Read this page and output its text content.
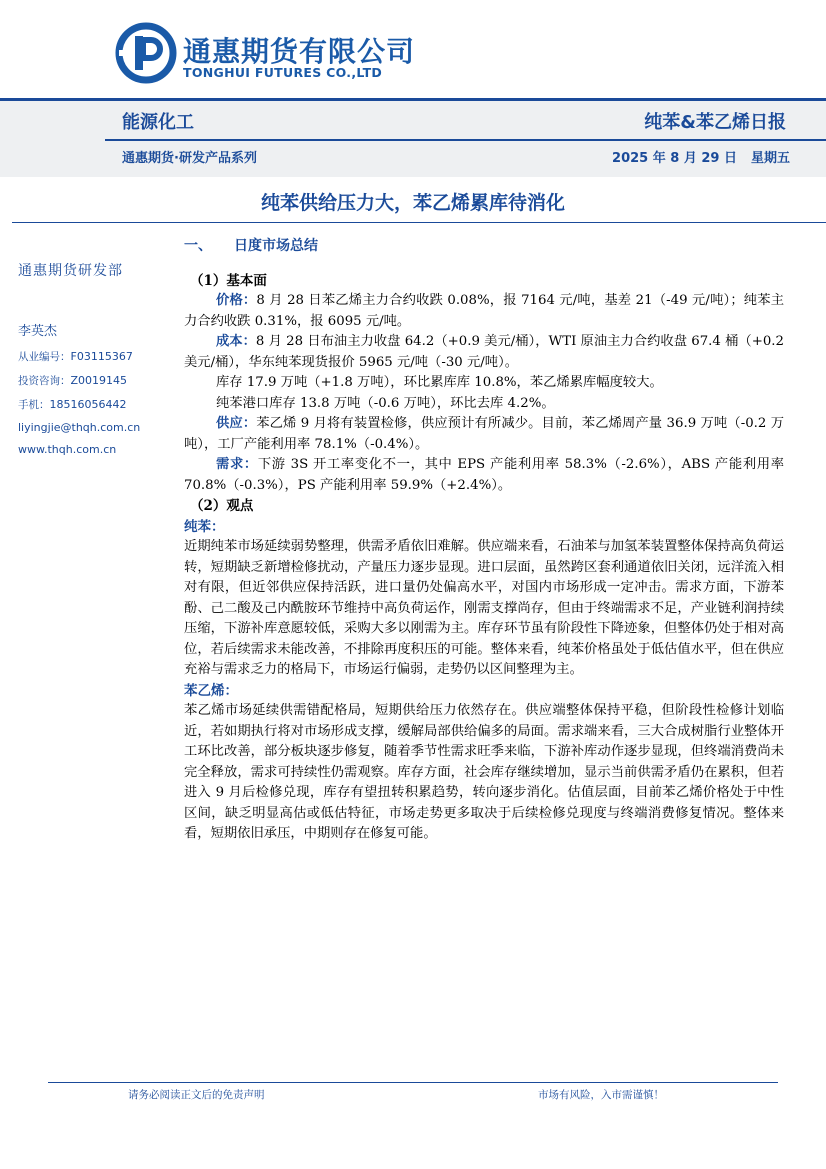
通惠期货有限公司
TONGHUI FUTURES CO.,LTD
能源化工	纯苯&苯乙烯日报
通惠期货·研发产品系列	2025 年 8 月 29 日 星期五
纯苯供给压力大，苯乙烯累库待消化
通惠期货研发部
李英杰
从业编号：F03115367
投资咨询：Z0019145
手机：18516056442
liyingjie@thqh.com.cn
www.thqh.com.cn
一、 日度市场总结
（1）基本面

价格：8 月 28 日苯乙烯主力合约收跌 0.08%，报 7164 元/吨，基差 21（-49 元/吨）；纯苯主力合约收跌 0.31%，报 6095 元/吨。

成本：8 月 28 日布油主力收盘 64.2（+0.9 美元/桶），WTI 原油主力合约收盘 67.4 桶（+0.2 美元/桶），华东纯苯现货报价 5965 元/吨（-30 元/吨）。

库存 17.9 万吨（+1.8 万吨），环比累库库 10.8%，苯乙烯累库幅度较大。

纯苯港口库存 13.8 万吨（-0.6 万吨），环比去库 4.2%。

供应：苯乙烯 9 月将有装置检修，供应预计有所减少。目前，苯乙烯周产量 36.9 万吨（-0.2 万吨），工厂产能利用率 78.1%（-0.4%）。

需求：下游 3S 开工率变化不一，其中 EPS 产能利用率 58.3%（-2.6%），ABS 产能利用率 70.8%（-0.3%），PS 产能利用率 59.9%（+2.4%）。

（2）观点

纯苯：

近期纯苯市场延续弱势整理，供需矛盾依旧难解。供应端来看，石油苯与加氢苯装置整体保持高负荷运转，短期缺乏新增检修扰动，产量压力逐步显现。进口层面，虽然跨区套利通道依旧关闭，远洋流入相对有限，但近邻供应保持活跃，进口量仍处偏高水平，对国内市场形成一定冲击。需求方面，下游苯酚、己二酸及己内酰胺环节维持中高负荷运作，刚需支撑尚存，但由于终端需求不足，产业链利润持续压缩，下游补库意愿较低，采购大多以刚需为主。库存环节虽有阶段性下降迹象，但整体仍处于相对高位，若后续需求未能改善，不排除再度积压的可能。整体来看，纯苯价格虽处于低估值水平，但在供应充裕与需求乏力的格局下，市场运行偏弱，走势仍以区间整理为主。

苯乙烯：

苯乙烯市场延续供需错配格局，短期供给压力依然存在。供应端整体保持平稳，但阶段性检修计划临近，若如期执行将对市场形成支撑，缓解局部供给偏多的局面。需求端来看，三大合成树脂行业整体开工环比改善，部分板块逐步修复，随着季节性需求旺季来临，下游补库动作逐步显现，但终端消费尚未完全释放，需求可持续性仍需观察。库存方面，社会库存继续增加，显示当前供需矛盾仍在累积，但若进入 9 月后检修兑现，库存有望扭转积累趋势，转向逐步消化。估值层面，目前苯乙烯价格处于中性区间，缺乏明显高估或低估特征，市场走势更多取决于后续检修兑现度与终端消费修复情况。整体来看，短期依旧承压，中期则存在修复可能。

请务必阅读正文后的免责声明	市场有风险，入市需谨慎！
